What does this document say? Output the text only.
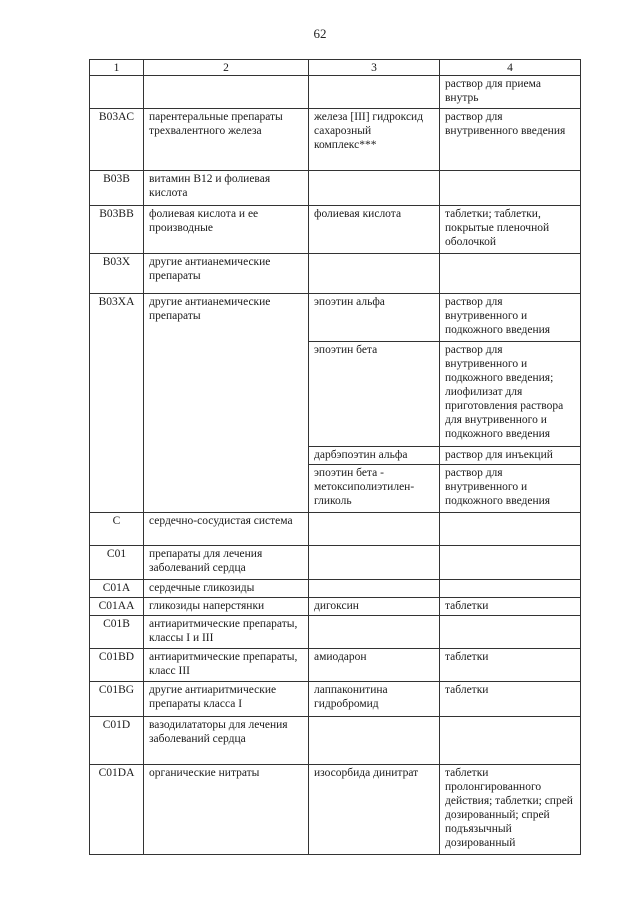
62
1	2	3	4
			раствор для приема внутрь
B03AC	парентеральные препараты трехвалентного железа	железа [III] гидроксид сахарозный комплекс***	раствор для внутривенного введения
B03B	витамин B12 и фолиевая кислота		
B03BB	фолиевая кислота и ее производные	фолиевая кислота	таблетки; таблетки, покрытые пленочной оболочкой
B03X	другие антианемические препараты		
B03XA	другие антианемические препараты	эпоэтин альфа	раствор для внутривенного и подкожного введения
		эпоэтин бета	раствор для внутривенного и подкожного введения; лиофилизат для приготовления раствора для внутривенного и подкожного введения
		дарбэпоэтин альфа	раствор для инъекций
		эпоэтин бета - метоксиполиэтилен-гликоль	раствор для внутривенного и подкожного введения
C	сердечно-сосудистая система		
C01	препараты для лечения заболеваний сердца		
C01A	сердечные гликозиды		
C01AA	гликозиды наперстянки	дигоксин	таблетки
C01B	антиаритмические препараты, классы I и III		
C01BD	антиаритмические препараты, класс III	амиодарон	таблетки
C01BG	другие антиаритмические препараты класса I	лаппаконитина гидробромид	таблетки
C01D	вазодилататоры для лечения заболеваний сердца		
C01DA	органические нитраты	изосорбида динитрат	таблетки пролонгированного действия; таблетки; спрей дозированный; спрей подъязычный дозированный
